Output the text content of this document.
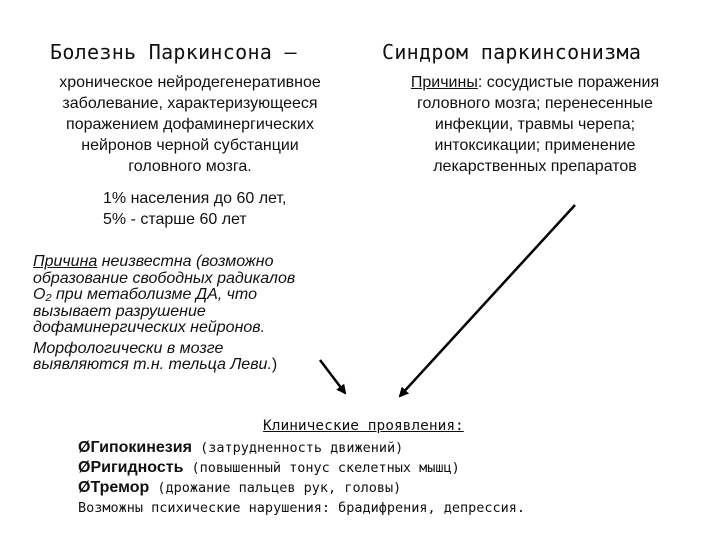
Болезнь Паркинсона –	Синдром паркинсонизма
хроническое нейродегенеративное
заболевание, характеризующееся
поражением дофаминергических
нейронов черной субстанции
головного мозга.
1% населения до 60 лет,
5% - старше 60 лет
Причины: сосудистые поражения
головного мозга; перенесенные
инфекции, травмы черепа;
интоксикации; применение
лекарственных препаратов
Причина неизвестна (возможно
образование свободных радикалов
O₂ при метаболизме ДА, что
вызывает разрушение
дофаминергических нейронов.
Морфологически в мозге
выявляются т.н. тельца Леви.)
Клинические проявления:
ØГипокинезия (затрудненность движений)
ØРигидность (повышенный тонус скелетных мышц)
ØТремор (дрожание пальцев рук, головы)
Возможны психические нарушения: брадифрения, депрессия.
